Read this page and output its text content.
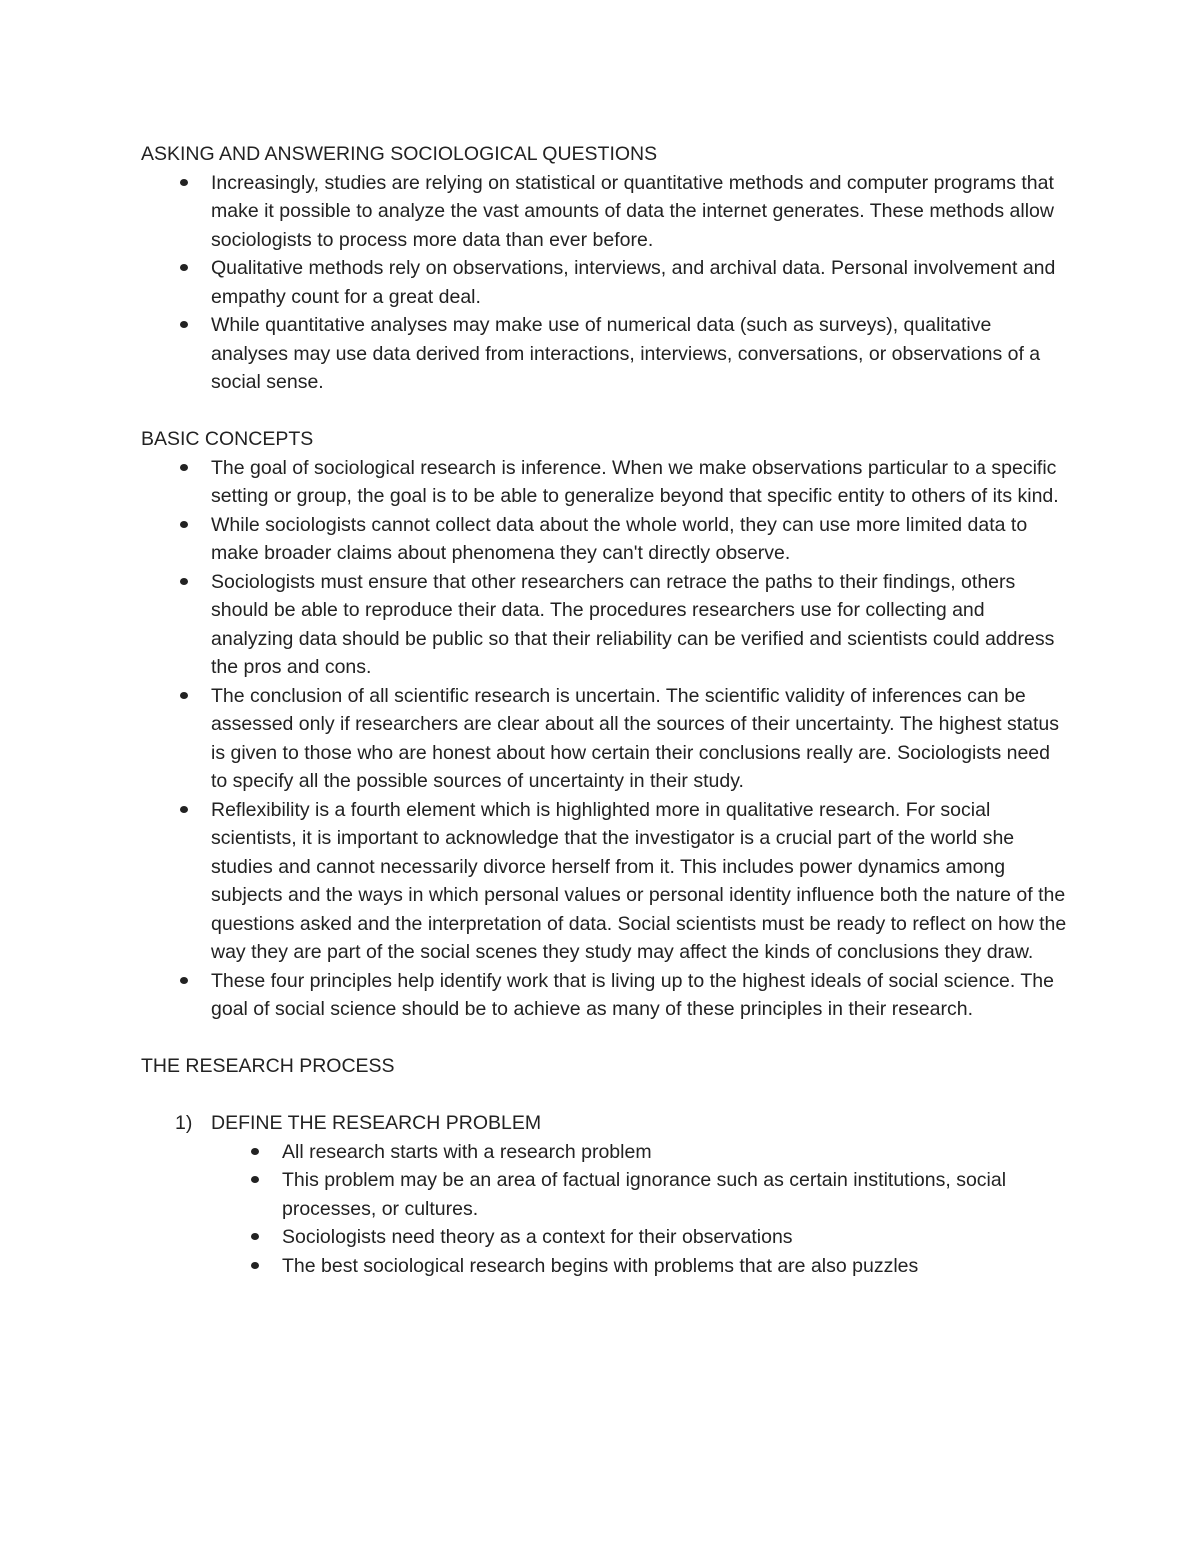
ASKING AND ANSWERING SOCIOLOGICAL QUESTIONS
Increasingly, studies are relying on statistical or quantitative methods and computer programs that make it possible to analyze the vast amounts of data the internet generates. These methods allow sociologists to process more data than ever before.
Qualitative methods rely on observations, interviews, and archival data. Personal involvement and empathy count for a great deal.
While quantitative analyses may make use of numerical data (such as surveys), qualitative analyses may use data derived from interactions, interviews, conversations, or observations of a social sense.
BASIC CONCEPTS
The goal of sociological research is inference. When we make observations particular to a specific setting or group, the goal is to be able to generalize beyond that specific entity to others of its kind.
While sociologists cannot collect data about the whole world, they can use more limited data to make broader claims about phenomena they can't directly observe.
Sociologists must ensure that other researchers can retrace the paths to their findings, others should be able to reproduce their data. The procedures researchers use for collecting and analyzing data should be public so that their reliability can be verified and scientists could address the pros and cons.
The conclusion of all scientific research is uncertain. The scientific validity of inferences can be assessed only if researchers are clear about all the sources of their uncertainty. The highest status is given to those who are honest about how certain their conclusions really are. Sociologists need to specify all the possible sources of uncertainty in their study.
Reflexibility is a fourth element which is highlighted more in qualitative research. For social scientists, it is important to acknowledge that the investigator is a crucial part of the world she studies and cannot necessarily divorce herself from it. This includes power dynamics among subjects and the ways in which personal values or personal identity influence both the nature of the questions asked and the interpretation of data. Social scientists must be ready to reflect on how the way they are part of the social scenes they study may affect the kinds of conclusions they draw.
These four principles help identify work that is living up to the highest ideals of social science. The goal of social science should be to achieve as many of these principles in their research.
THE RESEARCH PROCESS
1) DEFINE THE RESEARCH PROBLEM
All research starts with a research problem
This problem may be an area of factual ignorance such as certain institutions, social processes, or cultures.
Sociologists need theory as a context for their observations
The best sociological research begins with problems that are also puzzles
